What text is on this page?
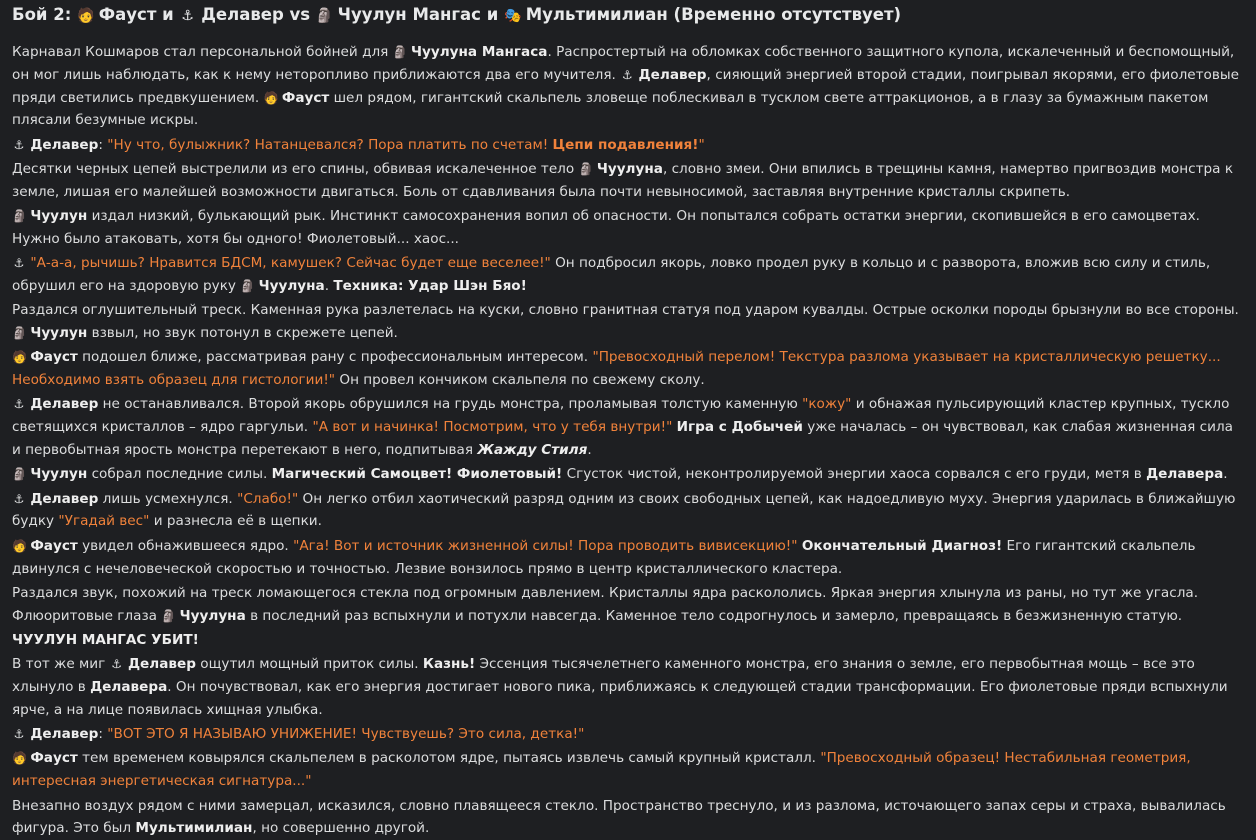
Бой 2: 🧑 Фауст и ⚓ Делавер vs 🗿 Чуулун Мангас и 🎭 Мультимилиан (Временно отсутствует)

Карнавал Кошмаров стал персональной бойней для 🗿 Чуулуна Мангаса. Распростертый на обломках собственного защитного купола, искалеченный и беспомощный, он мог лишь наблюдать, как к нему неторопливо приближаются два его мучителя. ⚓ Делавер, сияющий энергией второй стадии, поигрывал якорями, его фиолетовые пряди светились предвкушением. 🧑 Фауст шел рядом, гигантский скальпель зловеще поблескивал в тусклом свете аттракционов, а в глазу за бумажным пакетом плясали безумные искры.

⚓ Делавер: "Ну что, булыжник? Натанцевался? Пора платить по счетам! Цепи подавления!"

Десятки черных цепей выстрелили из его спины, обвивая искалеченное тело 🗿 Чуулуна, словно змеи. Они впились в трещины камня, намертво пригвоздив монстра к земле, лишая его малейшей возможности двигаться. Боль от сдавливания была почти невыносимой, заставляя внутренние кристаллы скрипеть.

🗿 Чуулун издал низкий, булькающий рык. Инстинкт самосохранения вопил об опасности. Он попытался собрать остатки энергии, скопившейся в его самоцветах. Нужно было атаковать, хотя бы одного! Фиолетовый... хаос...

⚓ "А-а-а, рычишь? Нравится БДСМ, камушек? Сейчас будет еще веселее!" Он подбросил якорь, ловко продел руку в кольцо и с разворота, вложив всю силу и стиль, обрушил его на здоровую руку 🗿 Чуулуна. Техника: Удар Шэн Бяо!

Раздался оглушительный треск. Каменная рука разлетелась на куски, словно гранитная статуя под ударом кувалды. Острые осколки породы брызнули во все стороны. 🗿 Чуулун взвыл, но звук потонул в скрежете цепей.

🧑 Фауст подошел ближе, рассматривая рану с профессиональным интересом. "Превосходный перелом! Текстура разлома указывает на кристаллическую решетку... Необходимо взять образец для гистологии!" Он провел кончиком скальпеля по свежему сколу.

⚓ Делавер не останавливался. Второй якорь обрушился на грудь монстра, проламывая толстую каменную "кожу" и обнажая пульсирующий кластер крупных, тускло светящихся кристаллов – ядро гаргульи. "А вот и начинка! Посмотрим, что у тебя внутри!" Игра с Добычей уже началась – он чувствовал, как слабая жизненная сила и первобытная ярость монстра перетекают в него, подпитывая Жажду Стиля.

🗿 Чуулун собрал последние силы. Магический Самоцвет! Фиолетовый! Сгусток чистой, неконтролируемой энергии хаоса сорвался с его груди, метя в Делавера.

⚓ Делавер лишь усмехнулся. "Слабо!" Он легко отбил хаотический разряд одним из своих свободных цепей, как надоедливую муху. Энергия ударилась в ближайшую будку "Угадай вес" и разнесла её в щепки.

🧑 Фауст увидел обнажившееся ядро. "Ага! Вот и источник жизненной силы! Пора проводить вивисекцию!" Окончательный Диагноз! Его гигантский скальпель двинулся с нечеловеческой скоростью и точностью. Лезвие вонзилось прямо в центр кристаллического кластера.

Раздался звук, похожий на треск ломающегося стекла под огромным давлением. Кристаллы ядра раскололись. Яркая энергия хлынула из раны, но тут же угасла. Флюоритовые глаза 🗿 Чуулуна в последний раз вспыхнули и потухли навсегда. Каменное тело содрогнулось и замерло, превращаясь в безжизненную статую.

ЧУУЛУН МАНГАС УБИТ!

В тот же миг ⚓ Делавер ощутил мощный приток силы. Казнь! Эссенция тысячелетнего каменного монстра, его знания о земле, его первобытная мощь – все это хлынуло в Делавера. Он почувствовал, как его энергия достигает нового пика, приближаясь к следующей стадии трансформации. Его фиолетовые пряди вспыхнули ярче, а на лице появилась хищная улыбка.

⚓ Делавер: "ВОТ ЭТО Я НАЗЫВАЮ УНИЖЕНИЕ! Чувствуешь? Это сила, детка!"

🧑 Фауст тем временем ковырялся скальпелем в расколотом ядре, пытаясь извлечь самый крупный кристалл. "Превосходный образец! Нестабильная геометрия, интересная энергетическая сигнатура..."

Внезапно воздух рядом с ними замерцал, исказился, словно плавящееся стекло. Пространство треснуло, и из разлома, источающего запах серы и страха, вывалилась фигура. Это был Мультимилиан, но совершенно другой.
